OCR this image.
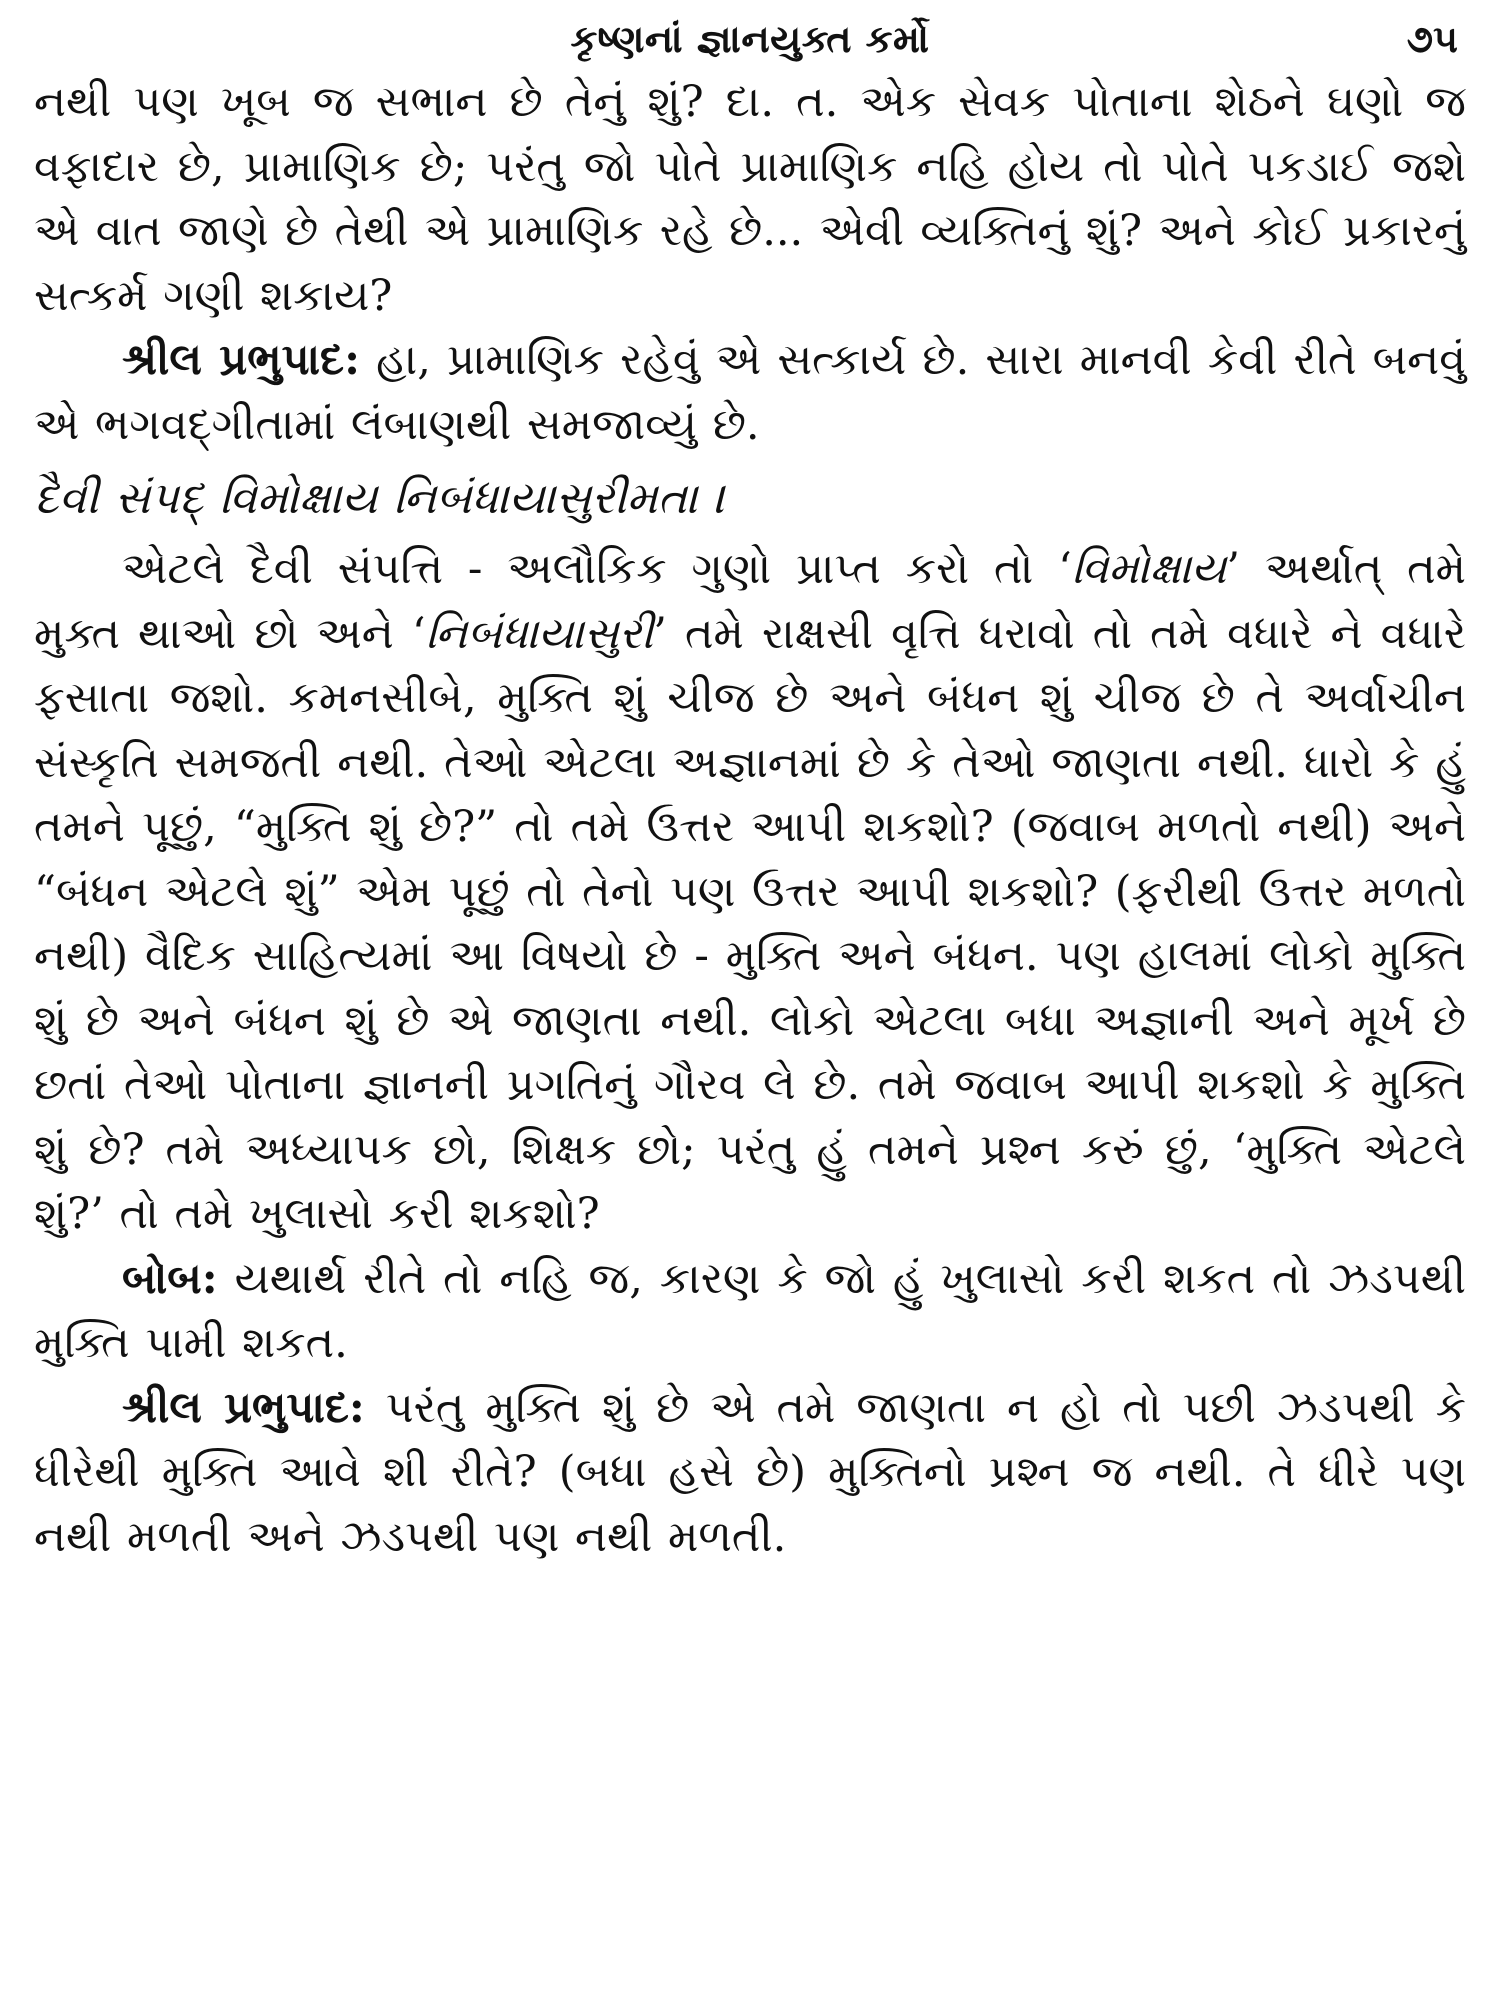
કૃષ્ણનાં જ્ઞાનયુક્ત કર્મો	૭૫

નથી પણ ખૂબ જ સભાન છે તેનું શું? દા. ત. એક સેવક પોતાના શેઠને ઘણો જ વફાદાર છે, પ્રામાણિક છે; પરંતુ જો પોતે પ્રામાણિક નહિ હોય તો પોતે પકડાઈ જશે એ વાત જાણે છે તેથી એ પ્રામાણિક રહે છે... એવી વ્યક્તિનું શું? અને કોઈ પ્રકારનું સત્કર્મ ગણી શકાય?

શ્રીલ પ્રભુપાદ: હા, પ્રામાણિક રહેવું એ સત્કાર્ય છે. સારા માનવી કેવી રીતે બનવું એ ભગવદ્‌ગીતામાં લંબાણથી સમજાવ્યું છે.

દૈવી સંપદ્ વિમોક્ષાય નિબંધાયાસુરીમતા ।

એટલે દૈવી સંપત્તિ - અલૌકિક ગુણો પ્રાપ્ત કરો તો ‘વિમોક્ષાય’ અર્થાત્ તમે મુક્ત થાઓ છો અને ‘નિબંધાયાસુરી’ તમે રાક્ષસી વૃત્તિ ધરાવો તો તમે વધારે ને વધારે ફસાતા જશો. કમનસીબે, મુક્તિ શું ચીજ છે અને બંધન શું ચીજ છે તે અર્વાચીન સંસ્કૃતિ સમજતી નથી. તેઓ એટલા અજ્ઞાનમાં છે કે તેઓ જાણતા નથી. ધારો કે હું તમને પૂછું, “મુક્તિ શું છે?” તો તમે ઉત્તર આપી શકશો? (જવાબ મળતો નથી) અને “બંધન એટલે શું” એમ પૂછું તો તેનો પણ ઉત્તર આપી શકશો? (ફરીથી ઉત્તર મળતો નથી) વૈદિક સાહિત્યમાં આ વિષયો છે - મુક્તિ અને બંધન. પણ હાલમાં લોકો મુક્તિ શું છે અને બંધન શું છે એ જાણતા નથી. લોકો એટલા બધા અજ્ઞાની અને મૂર્ખ છે છતાં તેઓ પોતાના જ્ઞાનની પ્રગતિનું ગૌરવ લે છે. તમે જવાબ આપી શકશો કે મુક્તિ શું છે? તમે અધ્યાપક છો, શિક્ષક છો; પરંતુ હું તમને પ્રશ્ન કરું છું, ‘મુક્તિ એટલે શું?’ તો તમે ખુલાસો કરી શકશો?

બોબ: યથાર્થ રીતે તો નહિ જ, કારણ કે જો હું ખુલાસો કરી શકત તો ઝડપથી મુક્તિ પામી શકત.

શ્રીલ પ્રભુપાદ: પરંતુ મુક્તિ શું છે એ તમે જાણતા ન હો તો પછી ઝડપથી કે ધીરેથી મુક્તિ આવે શી રીતે? (બધા હસે છે) મુક્તિનો પ્રશ્ન જ નથી. તે ધીરે પણ નથી મળતી અને ઝડપથી પણ નથી મળતી.
